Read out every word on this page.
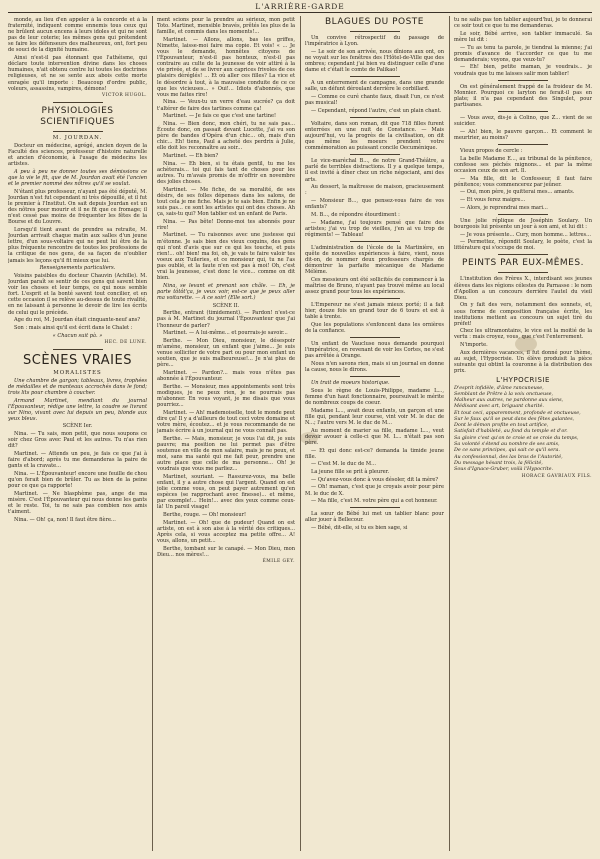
L'ARRIÈRE-GARDE

monde, au lieu d'en appeler à la concorde et à la fraternité, indiquent comme ennemis tous ceux qui ne brûlent aucun encens à leurs idoles et qui ne sont pas de leur coterie; les mêmes gens qui prétendent se faire les défenseurs des malheureux, ont, fort peu de souci de la dignité humaine.

Ainsi n'est-il pas étonnant que l'athéisme, qui déclare toute intervention divine dans les choses humaines, n'ait obtenu contre lui toutes les doctrines religieuses, et ne se sente aux abois cette morte enragée qu'il importe : Beaucoup d'ordre public, voleurs, assassins, vampires, démons!

VICTOR HUGOL.

PHYSIOLOGIES SCIENTIFIQUES

M. JOURDAN.

Docteur en médecine, agrégé, ancien doyen de la Faculté des sciences, professeur d'histoire naturelle et ancien d'économie, à l'usage de médecins les artistes.

A peu à peu ne donner toutes ses démissions ce que la vie le fit, que de M. Jourdan avait été l'ancien et le premier nommé des nôtres qu'il se voulut.

N'étant plus professeur, n'ayant pas été député, M. Jourdan n'est fut cependant ni très dépouillé, et il fut le premier à l'Institut. On sait depuis Jourdan est un des nôtres pour mourir et il ne fit que ce fromage; il n'est cessé pas moins de fréquenter les fêtes de la Bourse et du Louvre.

Lorsqu'il tient avant de prendre sa retraite, M. Jourdan arrivait chaque matin aux salles d'un jeune lettre, d'un sous-voltaire qui ne peut lui être de la plus fréquente rencontre de toutes les professions de la critique de nos gens, de sa façon de n'oublier jamais les leçons qu'il fit mieux que lui.

Renseignements particuliers.

Voisins paisibles du docteur Chauvin (Achille). M. Jourdan paraît se sentir de ces gens qui savent bien voir les choses et leur temps, ce qui nous semble fort. L'esprit et la bonté savent tout concilier, et en cette occasion il se relève au-dessus de toute rivalité, en ne laissant à personne le devoir de lire les écrits de celui qui le précède.

Age du roi, M. Jourdan était cinquante-neuf ans?

Son : mais ainsi qu'il est écrit dans le Chalet :

« Chacun suit pà. »

HEC. DE LUNE.

SCÈNES VRAIES

MORALISTES

Une chambre de gargon; tableaux, livres, trophées de médailles et de manteaux accrochés dans le fond; trois lits pour chambre à coucher.

Armand Martinet, mendiant du journal l'Épouvanteur, rédige une lettre, la coudre se livrant sur Nino, vivant avec lui depuis un peu, blonde aux yeux bleus.

SCÈNE Ier.

Nina. — Tu sais, mon petit, que nous soupons ce soir chez Gros avec Paul et les autres. Tu n'as rien dit?

Martinet. — Attends un peu, je fais ce que j'ai à faire d'abord; après tu me demanderas la paire de gants et la cravate...

Nina. — L'Épouvanteur! encore une feuille de chou qu'on ferait bien de brûler. Tu as bien de la peine pour ce que ça rapporte!

Martinet. — Ne blasphème pas, ange de ma misère. C'est l'Épouvanteur qui nous donne les gants et le reste. Toi, tu ne sais pas combien nos amis t'aiment.

Nina. — Oh! ça, non! Il faut être fière...

ment scions pour la prendre au sérieux, mon petit Toto. Martinet, mensible bravés, prêtés les plus de la famille, et commis dans les moments!...

Martinet. — Allons, allons, bas les griffes, Nimette, laisse-moi faire ma copie. Et vois! « ... Je vous le demande, honnêtes citoyens de l'Épouvanteur, n'est-il pas honteux, n'est-il pas contraire au culte de la jeunesse de voir attiré à la vie privée, et de se livrer aux caprices frivoles de ces plaisirs déréglés! ... Et où aller ces filles? La vice et le désordre à tout, à la mauvaise conduite de ce ce que les vicieuses... » Oui!... Idiots d'abonnés, que vous me faites rire!

Nina. — Veux-tu un verre d'eau sucrée? ça doit t'altérer de faire des tartines comme ça!

Martinet. — Je fais ce que c'est une tartine!

Nina. — Bien donc, mon chéri, tu ne sais pas... Écoute donc, on passait devant Lucette, j'ai vu son père de bandes d'Opéra d'un chic... oh, mais d'un chic... Eh! tiens, Paul a acheté des perdrix à Julie, elle doit les reconnaître au soir...

Martinet. — Eh bien?

Nina. — Eh bien, si tu étais gentil, tu me les achèterais... toi qui fais tant de choses pour les autres. Tu m'avais promis de m'offrir en novembre des jolies choses.

Martinet. — Me fiche, de sa moralité, de ses désirs, de ses folles dépenses dans les salons, de tout cela je me fiche. Mais je te sais bien. Enfin je ne suis pas... ce sont les artistes qui ont des choses. Ah ça, sais-tu qui? Mon tablier est un enfant de Paris.

Nina. — Pas bête! Donne-moi tes abonnés pour rire!

Martinet. — Tu raisonnes avec une justesse qui m'étonne. Je sais bien des vieux coquins, des gens qui n'ont d'avis que sur ce qui les touche, et puis rien!... oh! bien! ma foi, oh, je vais te faire valoir tes voeux aux Tuileries, et ce monsieur qui, tu ne l'as pas oublié, et la faute n'en est pas à moi! Oh, c'est vrai la jeunesse, c'est donc le vice... comme on dit bien.

Nina, se levant et prenant son châle. — Eh, je parte tôtôt'ça, je veux voir, est-ce que je peux aller ma voiturette. — A ce soir! (Elle sort.)

SCÈNE II.

Berthe, entrant (timidement). — Pardon! n'est-ce pas à M. Martinet du journal l'Épouvanteur que j'ai l'honneur de parler?

Martinet. — A lui-même... et pourrais-je savoir...

Berthe. — Mon Dieu, monsieur, le désespoir m'amène, monsieur, un enfant que j'aime... Je suis venue solliciter de votre part ou pour mon enfant un soutien, que je suis malheureuse!... Je n'ai plus de père...

Martinet. — Pardon?... mais vous n'êtes pas abonnée à l'Épouvanteur.

Berthe. — Monsieur, mes appointements sont très modiques, je ne peux rien, je ne pourrais pas m'abonner. En vous voyant, je me disais que vous pourriez...

Martinet. — Ah! mademoiselle, tout le monde peut dire ça! Il y a d'ailleurs de tout ceci votre domaine et votre mère, écoutez... et je vous recommande de ne jamais écrire à un journal qui ne vous connaît pas.

Berthe. — Mais, monsieur, je vous l'ai dit, je suis pauvre; ma position ne lui permet pas d'être soutenue en ville de mon salaire, mais je ne peux, et moi, sans ma santé qui me fait peur, prendre une autre place que celle de ma personne... Oh! je voudrais que vous me parliez...

Martinet, souriant. — Rassurez-vous, ma belle enfant, il y a autre chose qui l'argent. Quand on est jolie comme vous, on peut payer autrement qu'en espèces (se rapprochant avec finesse)... et même, par exemple!... Hein!... avec des yeux comme ceux-là! Un pareil visage!

Berthe, rouge. — Oh! monsieur!

Martinet. — Oh! que de pudeur! Quand on est artiste, on est à son aise à la vérité des critiques... Après cela, si vous acceptez ma petite offre... A! vous, allons, un petit...

Berthe, tombant sur le canapé. — Mon Dieu, mon Dieu... nos mères!...

ÉMILE GEY.

BLAGUES DU POSTE

Un convive rétrospectif du passage de l'impératrice à Lyon.

— Le soir de son arrivée, nous dînions aux ont, on ne voyait sur les fenêtres des l'Hôtel-de-Ville que des ombres; cependant j'ai bien vu distinguer celle d'une dame et c'était le comte de Palikao!

A un enterrement de campagne, dans une grande salle, un défunt déroulant derrière le corbillard.

— Comme ce curé chante faux, disait l'un, ce n'est pas musical!

— Cependant, répond l'autre, c'est un plain chant.

Voltaire, dans son roman, dit que 718 filles furent enterrées en une nuit de Constance. — Mais aujourd'hui, vu la progrès de la civilisation, on dit que même les moeurs prendent votre commémoration au puissant concile Oecuménique.

Le vice-maréchal B..., de notre Grand-Théâtre, a parlé de terribles distractions. Il y a quelque temps, il est invité à dîner chez un riche négociant, ami des arts.

Au dessert, la maîtresse de maison, gracieusement :

— Monsieur B..., que pensez-vous faire de vos enfants?

M. B..., de répondre étourdiment :

— Madame, j'ai toujours pensé que faire des artistes; j'ai vu trop de vieilles, j'en ai vu trop de régiments! — Tableau!

L'administration de l'école de la Martinière, en quête de nouvelles expériences à faire, vient, nous dit-on, de nommer deux professeurs chargés de démontrer la parfaite mécanique de Madame Mélème.

Ces messieurs ont été sollicités de commencer à la maîtrise de Bruno, n'ayant pas trouvé même au local assez grand pour tous les expériences.

L'Empereur ne s'est jamais mieux porté; il a fait hier, douze fois un grand tour de 6 tours et est à table à trente.

Que les populations s'enfoncent dans les ornières de la confiance.

Un enfant de Vaucluse nous demande pourquoi l'impératrice, en revenant de voir les Cortes, ne s'est pas arrêtée à Orange.

Nous n'en savons rien, mais si un journal en donne la cause, nous le dirons.

Un trait de moeurs historique.

Sous le règne de Louis-Philippe, madame L..., femme d'un haut fonctionnaire, poursuivait le mérite de nombreux coups de coeur.

Madame L..., avait deux enfants, un garçon et une fille qui, pendant leur course, vint voir M. le duc de N...; l'autre vers M. le duc de M...

Au moment de marier sa fille, madame L..., veut devoir avouer à celle-ci que M. L... n'était pas son père.

— Et qui donc est-ce? demanda la timide jeune fille.

— C'est M. le duc de M...

La jeune fille se prit à pleurer.

— Qu'avez-vous donc à vous désoler, dit la mère?

— Oh! maman, c'est que je croyais avoir pour père M. le duc de X.

— Ma fille, c'est M. votre père qui a cet honneur.

La sœur de Bébé lui met un tablier blanc pour aller jouer à Bellecour.

— Bébé, dit-elle, si tu es bien sage, si

tu ne salis pas ton tablier aujourd'hui, je te donnerai ce soir tout ce que tu me demanderas.

Le soir, Bébé arrive, son tablier immaculé. Sa mère lui dit :

— Tu as tenu ta parole, je tiendrai la mienne; j'ai promis d'avance de t'accorder ce que tu me demanderais; voyons, que veux-tu?

— Eh! bien, petite maman, je voudrais... je voudrais que tu me laisses salir mon tablier!

On est généralement frappé de la froideur de M. Monnier. Pourquoi ce laryton ne ferait-il pas en plate; il n'a pas cependant des Singulet, pour partisanes.

— Vous avez, dis-je à Colino, que Z... vient de se suicider.

— Ah! bien, le pauvre garçon... Et comment le meurtrier, au moins?

Vieux propos de cercle :

La belle Madame E..., au tribunal de la pénitence, confesse ses péchés mignons... et par la même occasion ceux de son art. Il.

— Ma fille, dit le Confesseur, il faut faire pénitence; vous commencerez par jeûner.

— Oui, mon père, je quitterai mes... amants.

— Et vous ferez maigre...

— Alors, je reprendrai mes mari...

Une jolie réplique de Joséphin Soulary. Un bourgeois lui présente un jour à son ami, et lui dit :

— Je vous présente... Cury, mon homme... lettres...

— Permettez, répondit Soulary, le poète, c'est la littérature qui s'occupe de moi.

PEINTS PAR EUX-MÊMES.

L'institution des Frères X., interdisant ses jeunes élèves dans les régions célestes du Parnasse : le nom d'Apollon a un concours derrière l'autel du vieil Dieu.

On y fait des vers, notamment des sonnets, et, sous forme de composition française écrite, les institutions mettent au concours un sujet tiré du préfet!

Chez les ultramontains, le vice est la moitié de la vertu : mais croyez, vous, que c'est l'enterrement.

N'importe.

Aux dernières vacances, il fut donné pour thème, au sujet, l'Hypocrisie. Un élève produisit la pièce suivante qui obtint la couronne à la distribution des prix.

L'HYPOCRISIE

D'esprit infidèle, d'âme rancuneuse,
Semblant de Prêtre à la voix onctueuse,
Malheur aux autres, ne pardonne aux siens,
Médisant avec art, briguant charité.

Et tout ceci, apparemment, profonde et onctueuse,
Sur le faux qu'il se peut dans des fêtes galantes,
Dont le démon profite en tout artifice,
Satisfait d'habileté, au fond du temple et d'or.

Sa gloire c'est qu'on te croie et se croie du temps,
Sa volonté s'étend au nombre de ses amis,
De ce sans principes, qui sait ce qu'il sera.

Au confessionnal, des las bras de l'Autorité,
Du message hésant trois, la félicité,
Sous d'Ignace-Gruber, voilà l'Hypocrite.

HORACE GAVRIAUX FILS.
